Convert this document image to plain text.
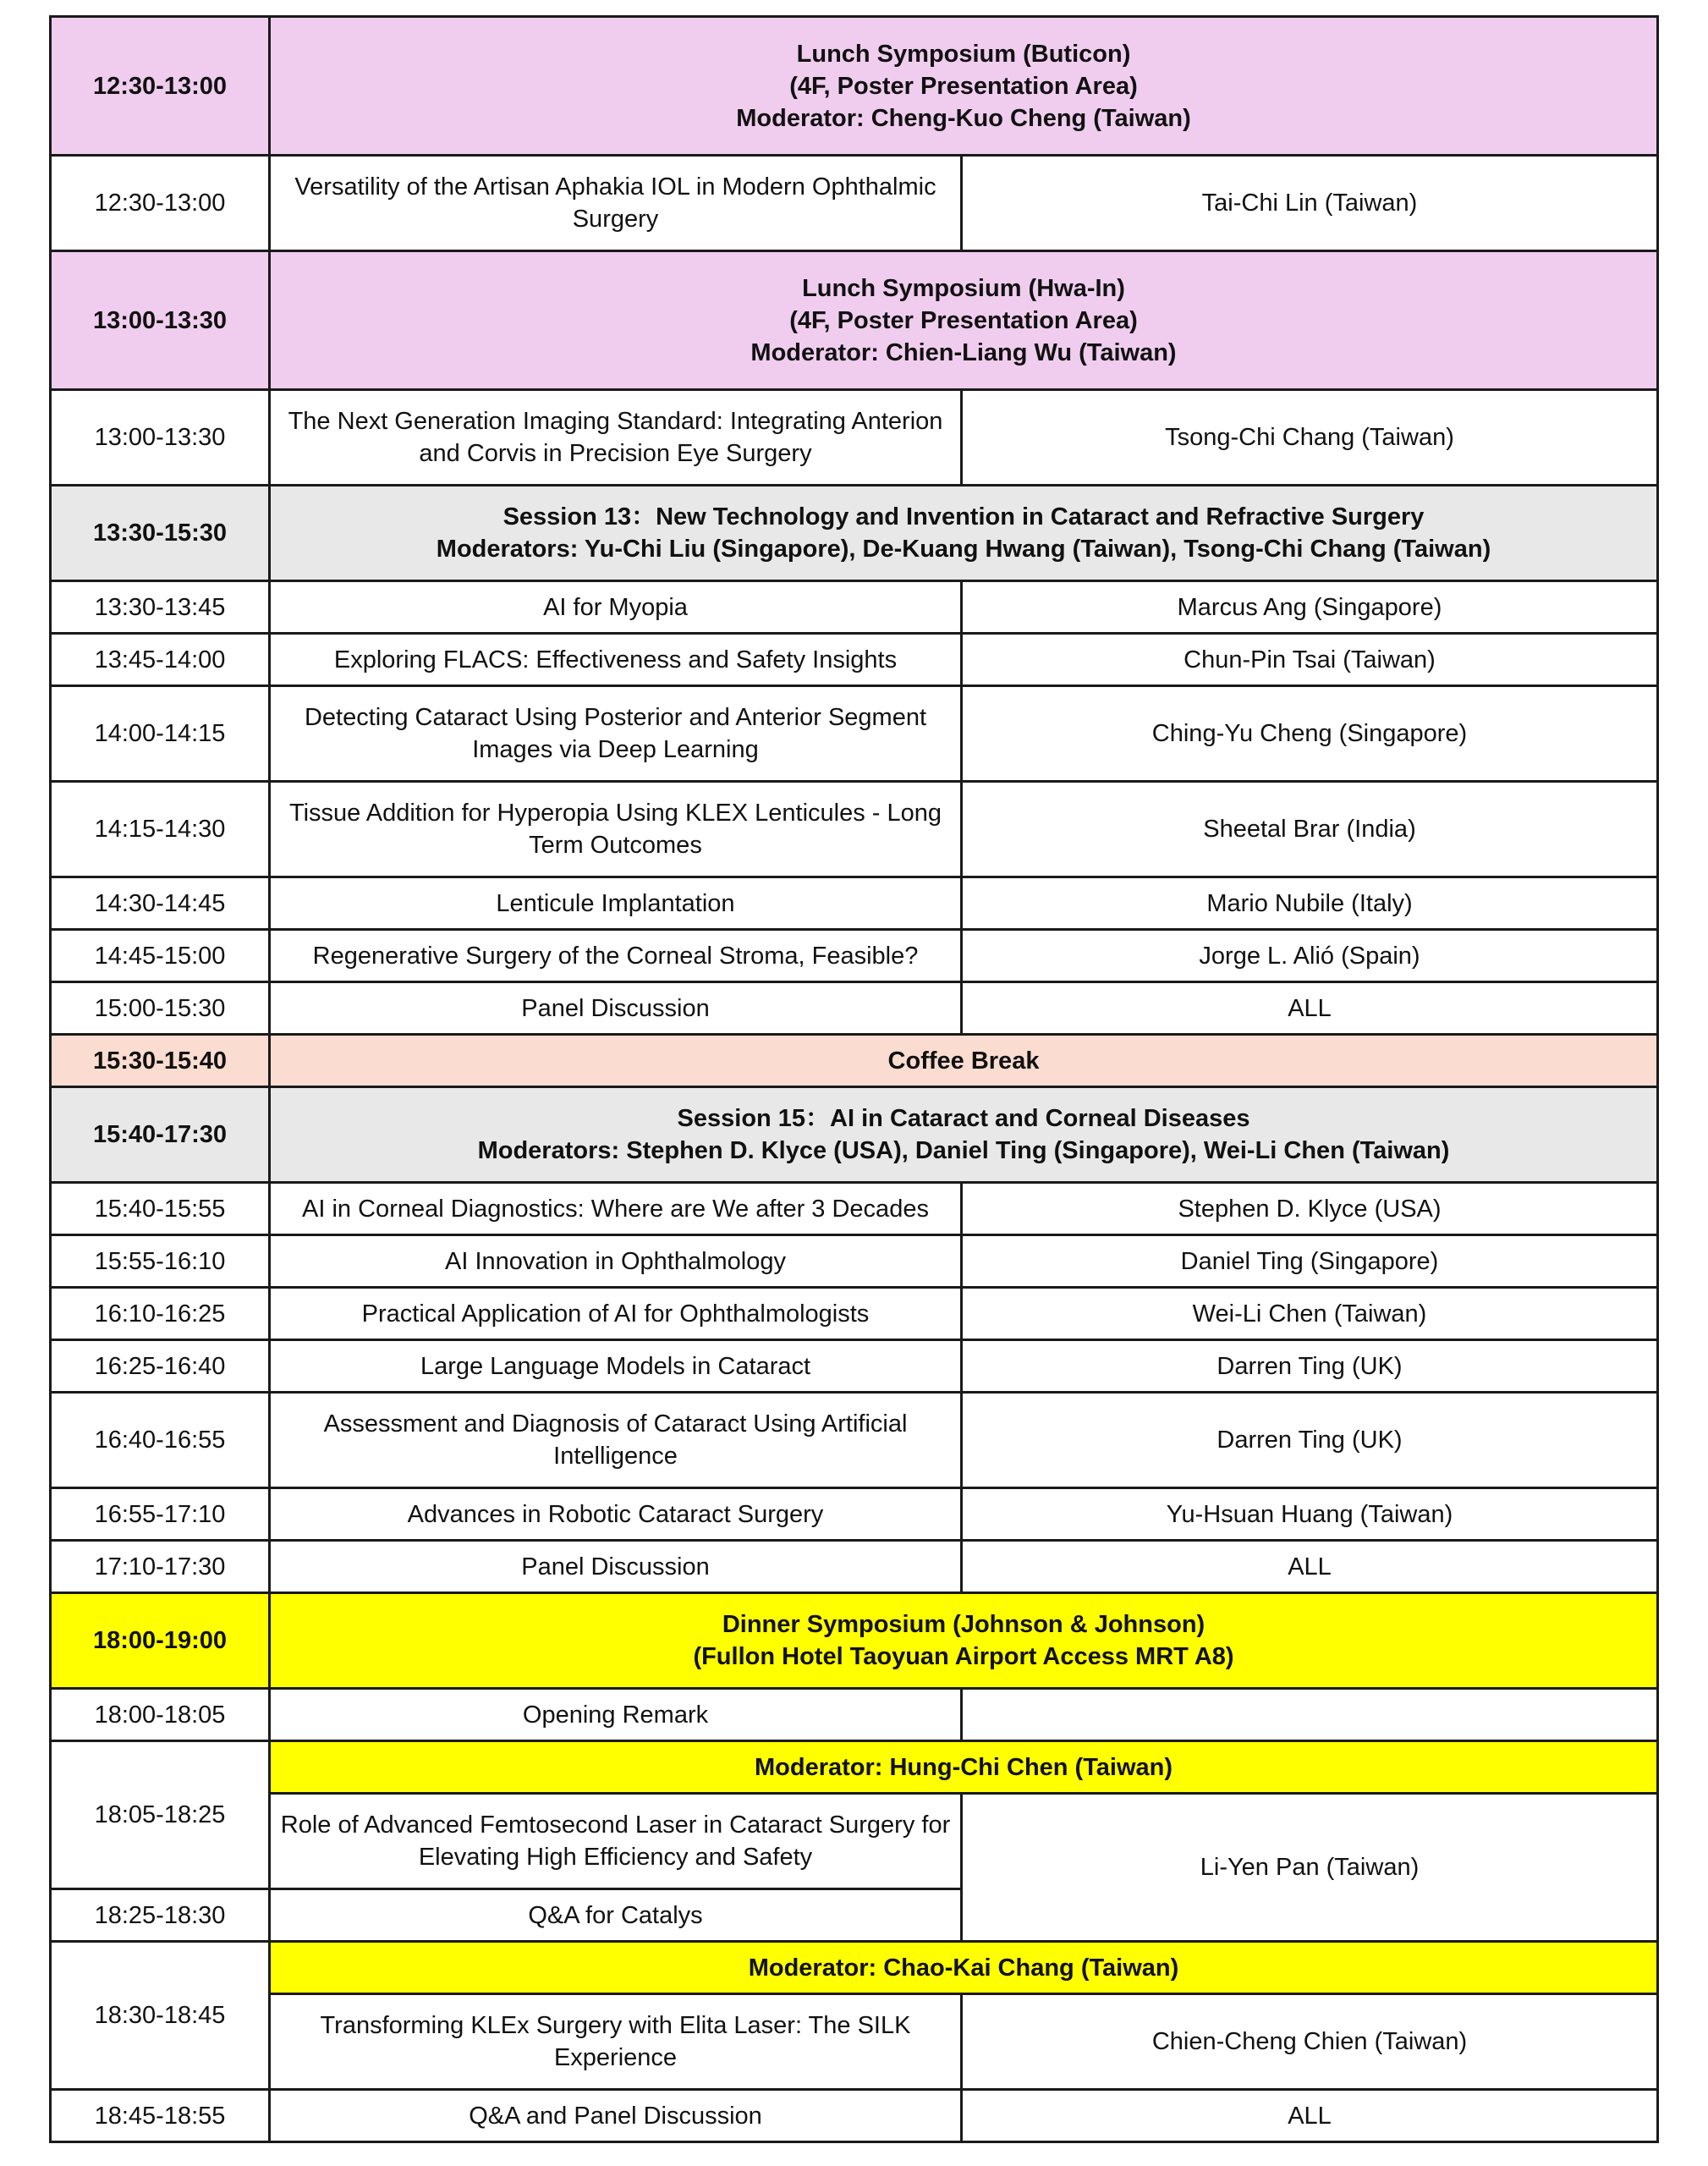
12:30-13:00	Lunch Symposium (Buticon)
(4F, Poster Presentation Area)
Moderator: Cheng-Kuo Cheng (Taiwan)	

12:30-13:00	Versatility of the Artisan Aphakia IOL in Modern Ophthalmic Surgery	Tai-Chi Lin (Taiwan)
13:00-13:30	Lunch Symposium (Hwa-In)
(4F, Poster Presentation Area)
Moderator: Chien-Liang Wu (Taiwan)	

13:00-13:30	The Next Generation Imaging Standard: Integrating Anterion and Corvis in Precision Eye Surgery	Tsong-Chi Chang (Taiwan)
13:30-15:30	Session 13：New Technology and Invention in Cataract and Refractive Surgery
Moderators: Yu-Chi Liu (Singapore), De-Kuang Hwang (Taiwan), Tsong-Chi Chang (Taiwan)	

13:30-13:45	AI for Myopia	Marcus Ang (Singapore)
13:45-14:00	Exploring FLACS: Effectiveness and Safety Insights	Chun-Pin Tsai (Taiwan)
14:00-14:15	Detecting Cataract Using Posterior and Anterior Segment Images via Deep Learning	Ching-Yu Cheng (Singapore)
14:15-14:30	Tissue Addition for Hyperopia Using KLEX Lenticules - Long Term Outcomes	Sheetal Brar (India)
14:30-14:45	Lenticule Implantation	Mario Nubile (Italy)
14:45-15:00	Regenerative Surgery of the Corneal Stroma, Feasible?	Jorge L. Alió (Spain)
15:00-15:30	Panel Discussion	ALL
15:30-15:40	Coffee Break	
15:40-17:30	Session 15：AI in Cataract and Corneal Diseases
Moderators: Stephen D. Klyce (USA), Daniel Ting (Singapore), Wei-Li Chen (Taiwan)	

15:40-15:55	AI in Corneal Diagnostics: Where are We after 3 Decades	Stephen D. Klyce (USA)
15:55-16:10	AI Innovation in Ophthalmology	Daniel Ting (Singapore)
16:10-16:25	Practical Application of AI for Ophthalmologists	Wei-Li Chen (Taiwan)
16:25-16:40	Large Language Models in Cataract	Darren Ting (UK)
16:40-16:55	Assessment and Diagnosis of Cataract Using Artificial Intelligence	Darren Ting (UK)
16:55-17:10	Advances in Robotic Cataract Surgery	Yu-Hsuan Huang (Taiwan)
17:10-17:30	Panel Discussion	ALL
18:00-19:00	Dinner Symposium (Johnson & Johnson)
(Fullon Hotel Taoyuan Airport Access MRT A8)	

18:00-18:05	Opening Remark	
18:05-18:25	Moderator: Hung-Chi Chen (Taiwan)	
	Role of Advanced Femtosecond Laser in Cataract Surgery for Elevating High Efficiency and Safety	Li-Yen Pan (Taiwan)
18:25-18:30	Q&A for Catalys	
18:30-18:45	Moderator: Chao-Kai Chang (Taiwan)	
	Transforming KLEx Surgery with Elita Laser: The SILK Experience	Chien-Cheng Chien (Taiwan)
18:45-18:55	Q&A and Panel Discussion	ALL
